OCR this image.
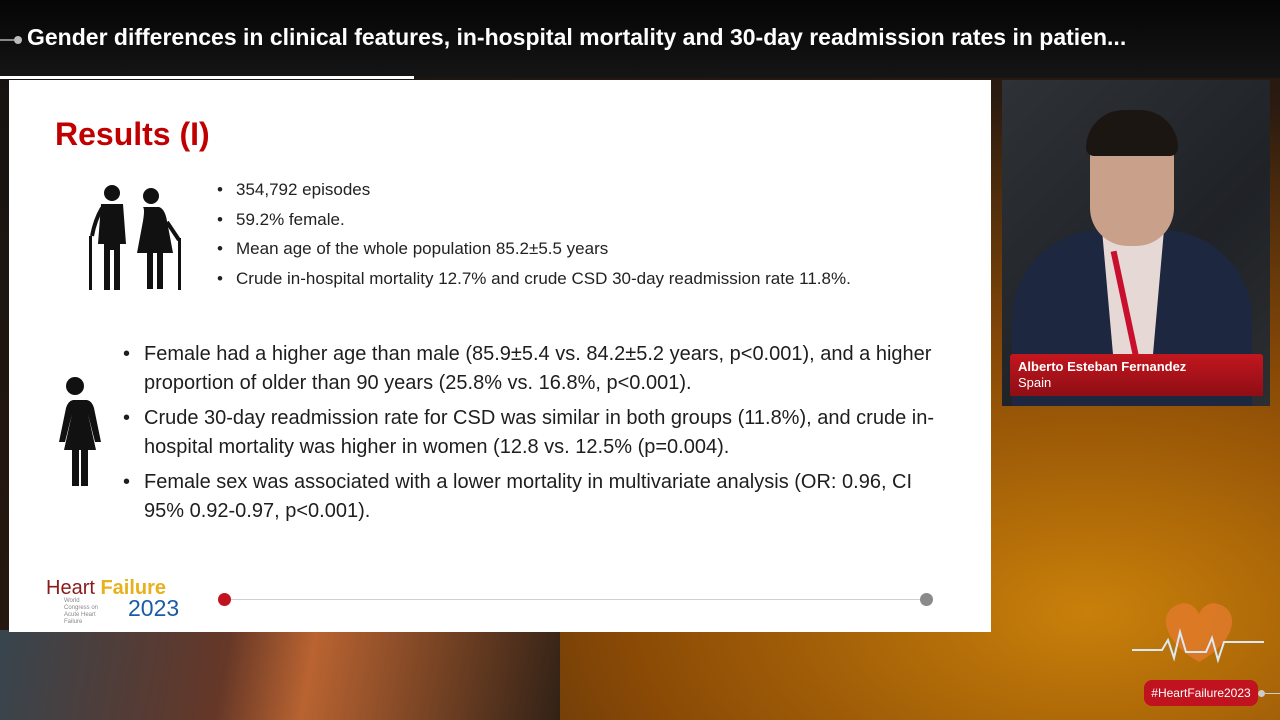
Gender differences in clinical features, in-hospital mortality and 30-day readmission rates in patien...
Results (I)
• 354,792 episodes
• 59.2% female.
• Mean age of the whole population 85.2±5.5 years
• Crude in-hospital mortality 12.7% and crude CSD 30-day readmission rate 11.8%.
• Female had a higher age than male (85.9±5.4 vs. 84.2±5.2 years, p<0.001), and a higher proportion of older than 90 years (25.8% vs. 16.8%, p<0.001).
• Crude 30-day readmission rate for CSD was similar in both groups (11.8%), and crude in-hospital mortality was higher in women (12.8 vs. 12.5% (p=0.004).
• Female sex was associated with a lower mortality in multivariate analysis (OR: 0.96, CI 95% 0.92-0.97, p<0.001).
Heart Failure
World Congress on Acute Heart Failure
2023
Alberto Esteban Fernandez
Spain
#HeartFailure2023
